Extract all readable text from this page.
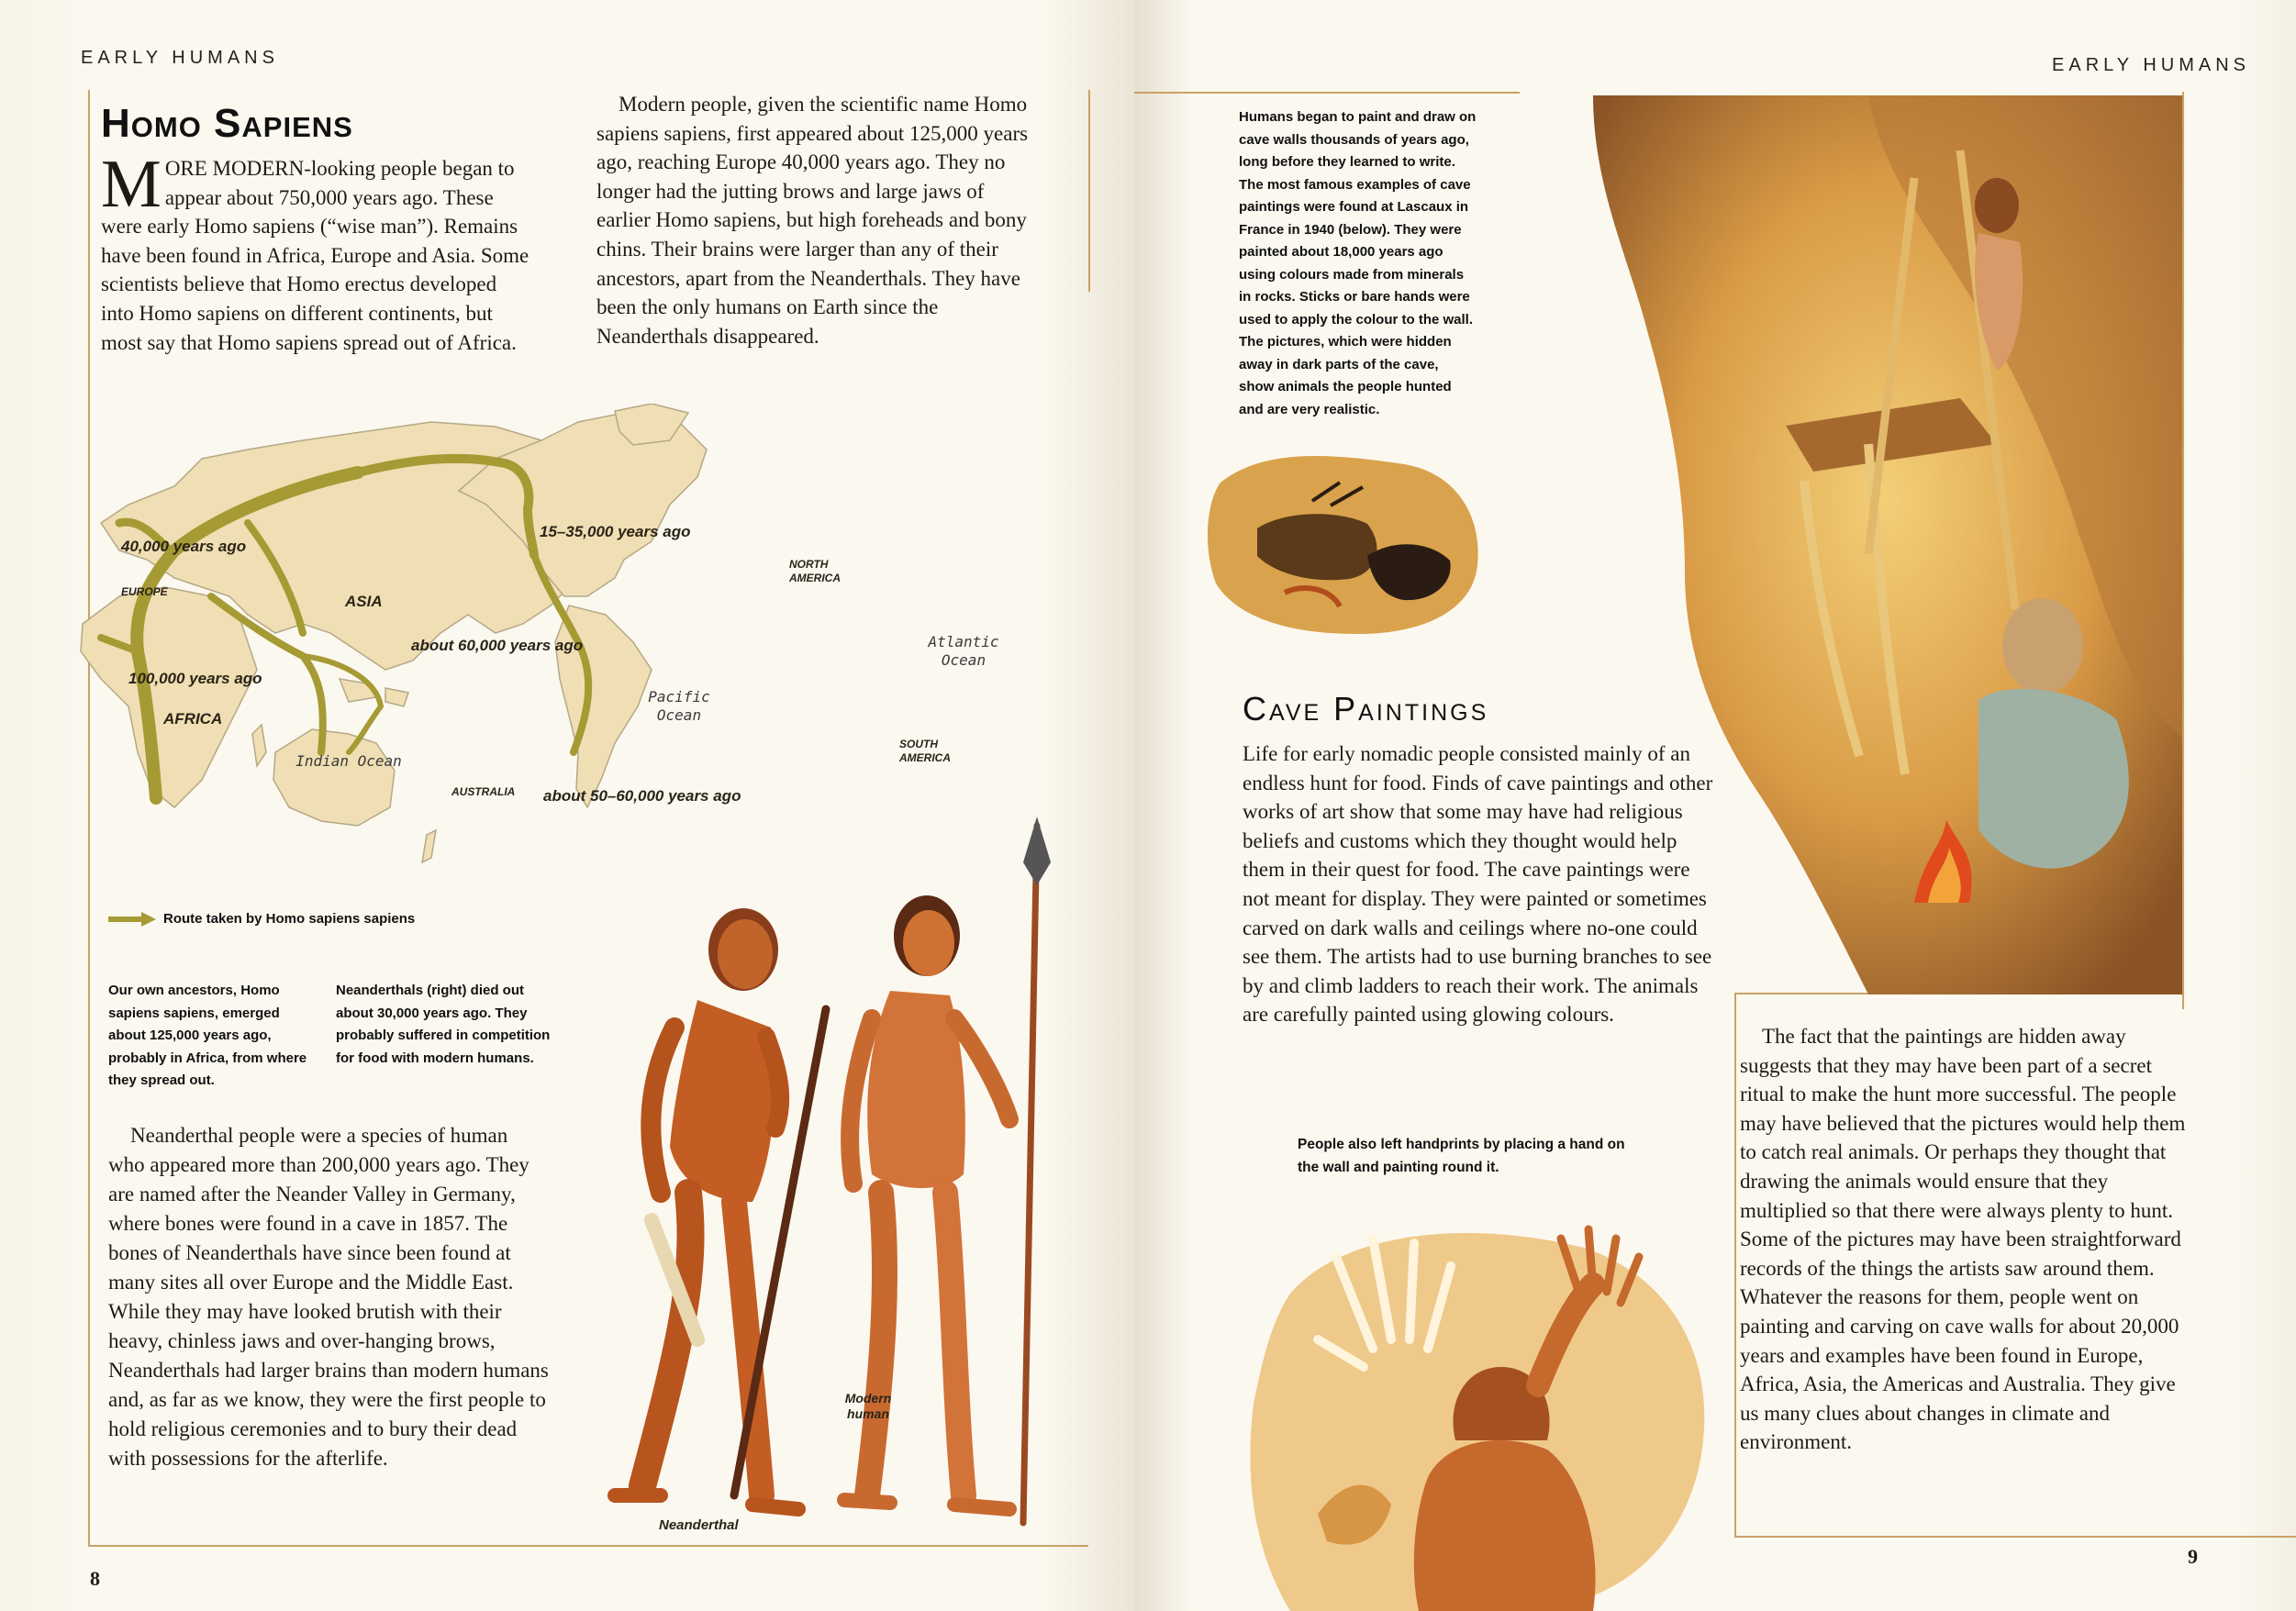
EARLY HUMANS
Homo Sapiens
MORE MODERN-looking people began to appear about 750,000 years ago. These were early Homo sapiens (“wise man”). Remains have been found in Africa, Europe and Asia. Some scientists believe that Homo erectus developed into Homo sapiens on different continents, but most say that Homo sapiens spread out of Africa.

Modern people, given the scientific name Homo sapiens sapiens, first appeared about 125,000 years ago, reaching Europe 40,000 years ago. They no longer had the jutting brows and large jaws of earlier Homo sapiens, but high foreheads and bony chins. Their brains were larger than any of their ancestors, apart from the Neanderthals. They have been the only humans on Earth since the Neanderthals disappeared.

40,000 years ago
EUROPE
ASIA
15–35,000 years ago
NORTH AMERICA
about 60,000 years ago
100,000 years ago
AFRICA
AUSTRALIA about 50–60,000 years ago
SOUTH AMERICA
Indian Ocean
Pacific Ocean
Atlantic Ocean
Route taken by Homo sapiens sapiens
Our own ancestors, Homo sapiens sapiens, emerged about 125,000 years ago, probably in Africa, from where they spread out.
Neanderthals (right) died out about 30,000 years ago. They probably suffered in competition for food with modern humans.

Neanderthal people were a species of human who appeared more than 200,000 years ago. They are named after the Neander Valley in Germany, where bones were found in a cave in 1857. The bones of Neanderthals have since been found at many sites all over Europe and the Middle East. While they may have looked brutish with their heavy, chinless jaws and over-hanging brows, Neanderthals had larger brains than modern humans and, as far as we know, they were the first people to hold religious ceremonies and to bury their dead with possessions for the afterlife.

Modern human
Neanderthal
8
EARLY HUMANS
Humans began to paint and draw on cave walls thousands of years ago, long before they learned to write. The most famous examples of cave paintings were found at Lascaux in France in 1940 (below). They were painted about 18,000 years ago using colours made from minerals in rocks. Sticks or bare hands were used to apply the colour to the wall. The pictures, which were hidden away in dark parts of the cave, show animals the people hunted and are very realistic.
Cave Paintings

Life for early nomadic people consisted mainly of an endless hunt for food. Finds of cave paintings and other works of art show that some may have had religious beliefs and customs which they thought would help them in their quest for food. The cave paintings were not meant for display. They were painted or sometimes carved on dark walls and ceilings where no-one could see them. The artists had to use burning branches to see by and climb ladders to reach their work. The animals are carefully painted using glowing colours.

People also left handprints by placing a hand on the wall and painting round it.

The fact that the paintings are hidden away suggests that they may have been part of a secret ritual to make the hunt more successful. The people may have believed that the pictures would help them to catch real animals. Or perhaps they thought that drawing the animals would ensure that they multiplied so that there were always plenty to hunt. Some of the pictures may have been straightforward records of the things the artists saw around them. Whatever the reasons for them, people went on painting and carving on cave walls for about 20,000 years and examples have been found in Europe, Africa, Asia, the Americas and Australia. They give us many clues about changes in climate and environment.

9
